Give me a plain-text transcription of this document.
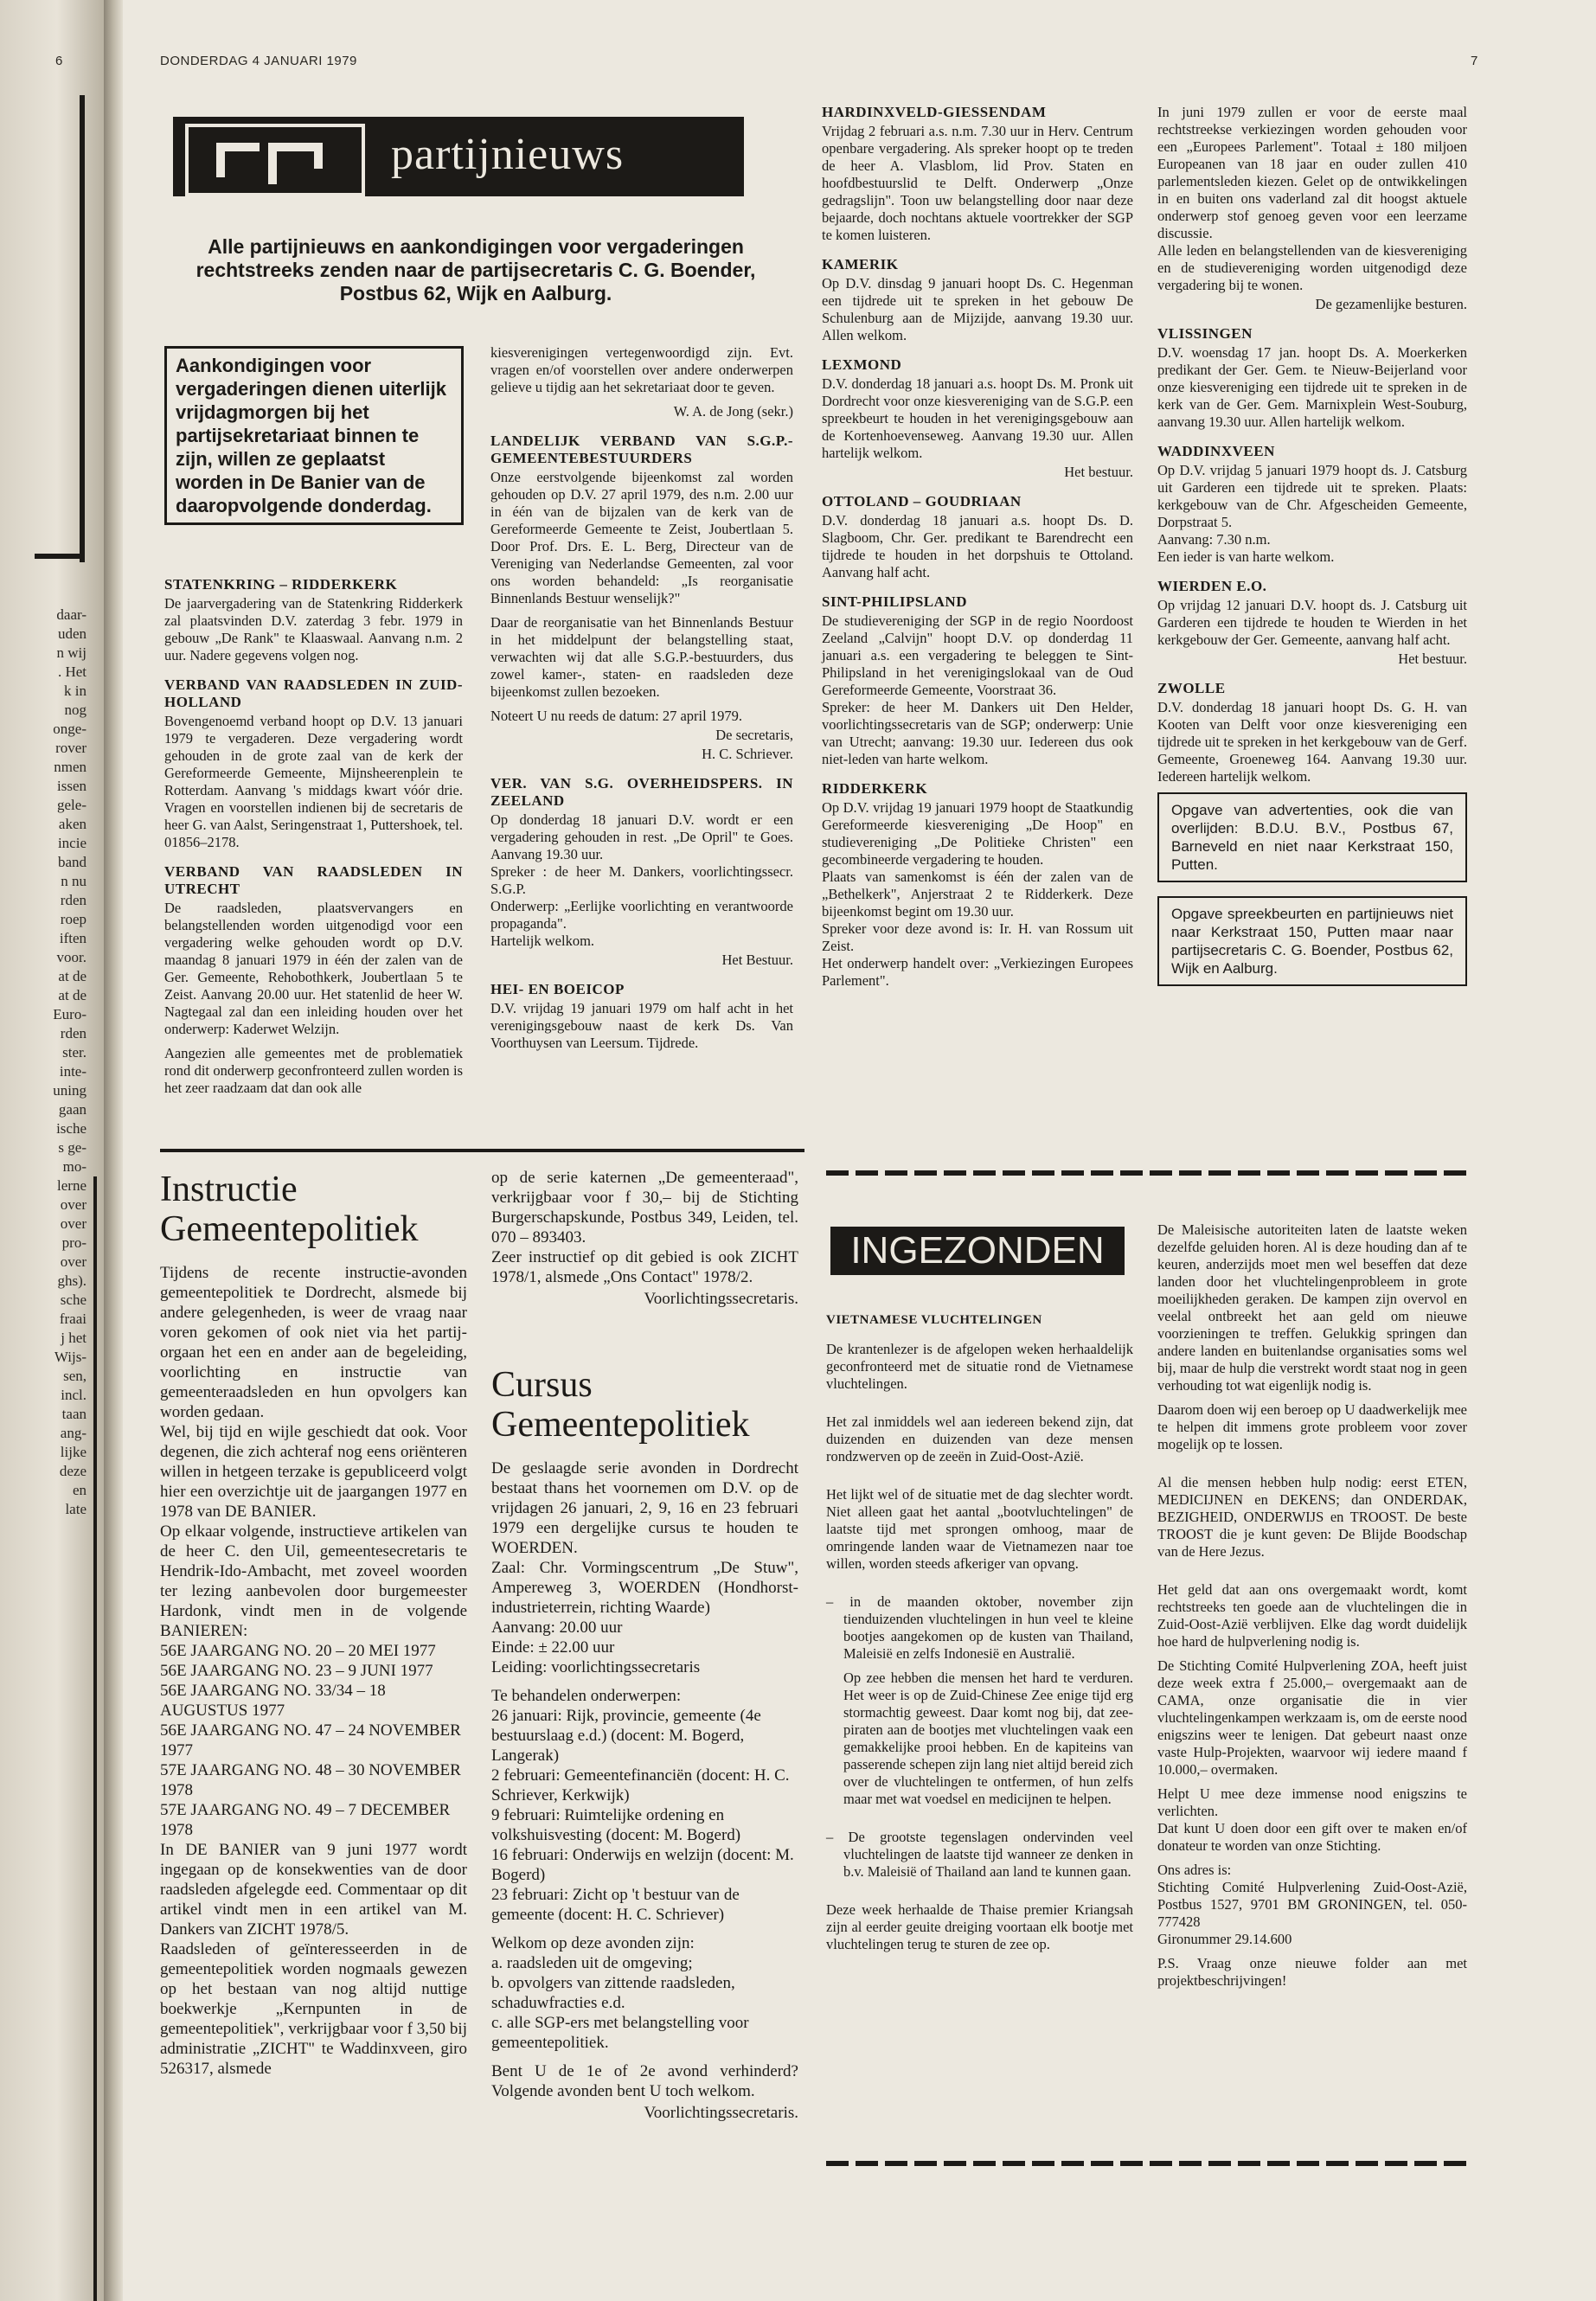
daar-
uden
n wij
. Het
k in
nog
onge-
rover
nmen
issen
gele-
aken
incie
band
n nu
rden
roep
iften
voor.
at de
at de
Euro-
rden
ster.
inte-
uning
gaan
ische
s ge-
mo-
lerne
over
over
pro-
over
ghs).
sche
fraai
j het
Wijs-
sen,
incl.
taan
ang-
lijke
deze
en
late
6	DONDERDAG 4 JANUARI 1979	7
partijnieuws
Alle partijnieuws en aankondigingen voor vergaderingen rechtstreeks zenden naar de partijsecretaris C. G. Boender, Postbus 62, Wijk en Aalburg.
Aankondigingen voor vergaderingen dienen uiterlijk vrijdagmorgen bij het partijsekretariaat binnen te zijn, willen ze geplaatst worden in De Banier van de daaropvolgende donderdag.
STATENKRING – RIDDERKERK

De jaarvergadering van de Statenkring Ridderkerk zal plaatsvinden D.V. zaterdag 3 febr. 1979 in gebouw „De Rank" te Klaaswaal. Aanvang n.m. 2 uur. Nadere gegevens volgen nog.

VERBAND VAN RAADSLEDEN IN ZUID-HOLLAND

Bovengenoemd verband hoopt op D.V. 13 januari 1979 te vergaderen. Deze vergadering wordt gehouden in de grote zaal van de kerk der Gereformeerde Gemeente, Mijnsheerenplein te Rotterdam. Aanvang 's middags kwart vóór drie. Vragen en voorstellen indienen bij de secretaris de heer G. van Aalst, Seringenstraat 1, Puttershoek, tel. 01856–2178.

VERBAND VAN RAADSLEDEN IN UTRECHT

De raadsleden, plaatsvervangers en belangstellenden worden uitgenodigd voor een vergadering welke gehouden wordt op D.V. maandag 8 januari 1979 in één der zalen van de Ger. Gemeente, Rehobothkerk, Joubertlaan 5 te Zeist. Aanvang 20.00 uur. Het statenlid de heer W. Nagtegaal zal dan een inleiding houden over het onderwerp: Kaderwet Welzijn.

Aangezien alle gemeentes met de problematiek rond dit onderwerp geconfronteerd zullen worden is het zeer raadzaam dat dan ook alle

kiesverenigingen vertegenwoordigd zijn. Evt. vragen en/of voorstellen over andere onderwerpen gelieve u tijdig aan het sekretariaat door te geven.

W. A. de Jong (sekr.)
LANDELIJK VERBAND VAN S.G.P.-GEMEENTEBESTUURDERS

Onze eerstvolgende bijeenkomst zal worden gehouden op D.V. 27 april 1979, des n.m. 2.00 uur in één van de bijzalen van de kerk van de Gereformeerde Gemeente te Zeist, Joubertlaan 5. Door Prof. Drs. E. L. Berg, Directeur van de Vereniging van Nederlandse Gemeenten, zal voor ons worden behandeld: „Is reorganisatie Binnenlands Bestuur wenselijk?"

Daar de reorganisatie van het Binnenlands Bestuur in het middelpunt der belangstelling staat, verwachten wij dat alle S.G.P.-bestuurders, dus zowel kamer-, staten- en raadsleden deze bijeenkomst zullen bezoeken.

Noteert U nu reeds de datum: 27 april 1979.

De secretaris,
H. C. Schriever.
VER. VAN S.G. OVERHEIDSPERS. IN ZEELAND

Op donderdag 18 januari D.V. wordt er een vergadering gehouden in rest. „De Opril" te Goes. Aanvang 19.30 uur.

Spreker : de heer M. Dankers, voorlichtingssecr. S.G.P.

Onderwerp: „Eerlijke voorlichting en verantwoorde propaganda".

Hartelijk welkom.

Het Bestuur.
HEI- EN BOEICOP

D.V. vrijdag 19 januari 1979 om half acht in het verenigingsgebouw naast de kerk Ds. Van Voorthuysen van Leersum. Tijdrede.

HARDINXVELD-GIESSENDAM

Vrijdag 2 februari a.s. n.m. 7.30 uur in Herv. Centrum openbare vergadering. Als spreker hoopt op te treden de heer A. Vlasblom, lid Prov. Staten en hoofdbestuurslid te Delft. Onderwerp „Onze gedragslijn". Toon uw belangstelling door naar deze bejaarde, doch nochtans aktuele voortrekker der SGP te komen luisteren.

KAMERIK

Op D.V. dinsdag 9 januari hoopt Ds. C. Hegenman een tijdrede uit te spreken in het gebouw De Schulenburg aan de Mijzijde, aanvang 19.30 uur. Allen welkom.

LEXMOND

D.V. donderdag 18 januari a.s. hoopt Ds. M. Pronk uit Dordrecht voor onze kiesvereniging van de S.G.P. een spreekbeurt te houden in het verenigingsgebouw aan de Kortenhoevenseweg. Aanvang 19.30 uur. Allen hartelijk welkom.

Het bestuur.
OTTOLAND – GOUDRIAAN

D.V. donderdag 18 januari a.s. hoopt Ds. D. Slagboom, Chr. Ger. predikant te Barendrecht een tijdrede te houden in het dorpshuis te Ottoland. Aanvang half acht.

SINT-PHILIPSLAND

De studievereniging der SGP in de regio Noordoost Zeeland „Calvijn" hoopt D.V. op donderdag 11 januari a.s. een vergadering te beleggen te Sint-Philipsland in het verenigingslokaal van de Oud Gereformeerde Gemeente, Voorstraat 36.

Spreker: de heer M. Dankers uit Den Helder, voorlichtingssecretaris van de SGP; onderwerp: Unie van Utrecht; aanvang: 19.30 uur. Iedereen dus ook niet-leden van harte welkom.

RIDDERKERK

Op D.V. vrijdag 19 januari 1979 hoopt de Staatkundig Gereformeerde kiesvereniging „De Hoop" en studievereniging „De Politieke Christen" een gecombineerde vergadering te houden.

Plaats van samenkomst is één der zalen van de „Bethelkerk", Anjerstraat 2 te Ridderkerk. Deze bijeenkomst begint om 19.30 uur.

Spreker voor deze avond is: Ir. H. van Rossum uit Zeist.

Het onderwerp handelt over: „Verkiezingen Europees Parlement".

In juni 1979 zullen er voor de eerste maal rechtstreekse verkiezingen worden gehouden voor een „Europees Parlement". Totaal ± 180 miljoen Europeanen van 18 jaar en ouder zullen 410 parlementsleden kiezen. Gelet op de ontwikkelingen in en buiten ons vaderland zal dit hoogst aktuele onderwerp stof genoeg geven voor een leerzame discussie.

Alle leden en belangstellenden van de kiesvereniging en de studievereniging worden uitgenodigd deze vergadering bij te wonen.

De gezamenlijke besturen.
VLISSINGEN

D.V. woensdag 17 jan. hoopt Ds. A. Moerkerken predikant der Ger. Gem. te Nieuw-Beijerland voor onze kiesvereniging een tijdrede uit te spreken in de kerk van de Ger. Gem. Marnixplein West-Souburg, aanvang 19.30 uur. Allen hartelijk welkom.

WADDINXVEEN

Op D.V. vrijdag 5 januari 1979 hoopt ds. J. Catsburg uit Garderen een tijdrede uit te spreken. Plaats: kerkgebouw van de Chr. Afgescheiden Gemeente, Dorpstraat 5.

Aanvang: 7.30 n.m.

Een ieder is van harte welkom.

WIERDEN E.O.

Op vrijdag 12 januari D.V. hoopt ds. J. Catsburg uit Garderen een tijdrede te houden te Wierden in het kerkgebouw der Ger. Gemeente, aanvang half acht.

Het bestuur.
ZWOLLE

D.V. donderdag 18 januari hoopt Ds. G. H. van Kooten van Delft voor onze kiesvereniging een tijdrede uit te spreken in het kerkgebouw van de Gerf. Gemeente, Groeneweg 164. Aanvang 19.30 uur. Iedereen hartelijk welkom.

Opgave van advertenties, ook die van overlijden: B.D.U. B.V., Postbus 67, Barneveld en niet naar Kerkstraat 150, Putten.
Opgave spreekbeurten en partijnieuws niet naar Kerkstraat 150, Putten maar naar partijsecretaris C. G. Boender, Postbus 62, Wijk en Aalburg.
Instructie Gemeentepolitiek

Tijdens de recente instructie-avonden gemeentepolitiek te Dordrecht, alsmede bij andere gelegenheden, is weer de vraag naar voren gekomen of ook niet via het partij-orgaan het een en ander aan de begeleiding, voorlichting en instructie van gemeenteraadsleden en hun opvolgers kan worden gedaan.

Wel, bij tijd en wijle geschiedt dat ook. Voor degenen, die zich achteraf nog eens oriënteren willen in hetgeen terzake is gepubliceerd volgt hier een overzichtje uit de jaargangen 1977 en 1978 van DE BANIER.

Op elkaar volgende, instructieve artikelen van de heer C. den Uil, gemeentesecretaris te Hendrik-Ido-Ambacht, met zoveel woorden ter lezing aanbevolen door burgemeester Hardonk, vindt men in de volgende BANIEREN:

56E JAARGANG NO. 20 – 20 MEI 1977
56E JAARGANG NO. 23 – 9 JUNI 1977
56E JAARGANG NO. 33/34 – 18 AUGUSTUS 1977
56E JAARGANG NO. 47 – 24 NOVEMBER 1977
57E JAARGANG NO. 48 – 30 NOVEMBER 1978
57E JAARGANG NO. 49 – 7 DECEMBER 1978

In DE BANIER van 9 juni 1977 wordt ingegaan op de konsekwenties van de door raadsleden afgelegde eed. Commentaar op dit artikel vindt men in een artikel van M. Dankers van ZICHT 1978/5.

Raadsleden of geïnteresseerden in de gemeentepolitiek worden nogmaals gewezen op het bestaan van nog altijd nuttige boekwerkje „Kernpunten in de gemeentepolitiek", verkrijgbaar voor f 3,50 bij administratie „ZICHT" te Waddinxveen, giro 526317, alsmede

op de serie katernen „De gemeenteraad", verkrijgbaar voor f 30,– bij de Stichting Burgerschapskunde, Postbus 349, Leiden, tel. 070 – 893403.

Zeer instructief op dit gebied is ook ZICHT 1978/1, alsmede „Ons Contact" 1978/2.

Voorlichtingssecretaris.
Cursus Gemeentepolitiek

De geslaagde serie avonden in Dordrecht bestaat thans het voornemen om D.V. op de vrijdagen 26 januari, 2, 9, 16 en 23 februari 1979 een dergelijke cursus te houden te WOERDEN.

Zaal: Chr. Vormingscentrum „De Stuw", Ampereweg 3, WOERDEN (Hondhorst-industrieterrein, richting Waarde)

Aanvang: 20.00 uur

Einde: ± 22.00 uur

Leiding: voorlichtingssecretaris

Te behandelen onderwerpen:

26 januari: Rijk, provincie, gemeente (4e bestuurslaag e.d.) (docent: M. Bogerd, Langerak)
2 februari: Gemeentefinanciën (docent: H. C. Schriever, Kerkwijk)
9 februari: Ruimtelijke ordening en volkshuisvesting (docent: M. Bogerd)
16 februari: Onderwijs en welzijn (docent: M. Bogerd)
23 februari: Zicht op 't bestuur van de gemeente (docent: H. C. Schriever)

Welkom op deze avonden zijn:

a. raadsleden uit de omgeving;
b. opvolgers van zittende raadsleden, schaduwfracties e.d.
c. alle SGP-ers met belangstelling voor gemeentepolitiek.

Bent U de 1e of 2e avond verhinderd? Volgende avonden bent U toch welkom.

Voorlichtingssecretaris.
INGEZONDEN
VIETNAMESE VLUCHTELINGEN

De krantenlezer is de afgelopen weken herhaaldelijk geconfronteerd met de situatie rond de Vietnamese vluchtelingen.

Het zal inmiddels wel aan iedereen bekend zijn, dat duizenden en duizenden van deze mensen rondzwerven op de zeeën in Zuid-Oost-Azië.

Het lijkt wel of de situatie met de dag slechter wordt. Niet alleen gaat het aantal „bootvluchtelingen" de laatste tijd met sprongen omhoog, maar de omringende landen waar de Vietnamezen naar toe willen, worden steeds afkeriger van opvang.

– in de maanden oktober, november zijn tienduizenden vluchtelingen in hun veel te kleine bootjes aangekomen op de kusten van Thailand, Maleisië en zelfs Indonesië en Australië.

Op zee hebben die mensen het hard te verduren. Het weer is op de Zuid-Chinese Zee enige tijd erg stormachtig geweest. Daar komt nog bij, dat zee-piraten aan de bootjes met vluchtelingen vaak een gemakkelijke prooi hebben. En de kapiteins van passerende schepen zijn lang niet altijd bereid zich over de vluchtelingen te ontfermen, of hun zelfs maar met wat voedsel en medicijnen te helpen.

– De grootste tegenslagen ondervinden veel vluchtelingen de laatste tijd wanneer ze denken in b.v. Maleisië of Thailand aan land te kunnen gaan.

Deze week herhaalde de Thaise premier Kriangsah zijn al eerder geuite dreiging voortaan elk bootje met vluchtelingen terug te sturen de zee op.

De Maleisische autoriteiten laten de laatste weken dezelfde geluiden horen. Al is deze houding dan af te keuren, anderzijds moet men wel beseffen dat deze landen door het vluchtelingenprobleem in grote moeilijkheden geraken. De kampen zijn overvol en veelal ontbreekt het aan geld om nieuwe voorzieningen te treffen. Gelukkig springen dan andere landen en buitenlandse organisaties soms wel bij, maar de hulp die verstrekt wordt staat nog in geen verhouding tot wat eigenlijk nodig is.

Daarom doen wij een beroep op U daadwerkelijk mee te helpen dit immens grote probleem voor zover mogelijk op te lossen.

Al die mensen hebben hulp nodig: eerst ETEN, MEDICIJNEN en DEKENS; dan ONDERDAK, BEZIGHEID, ONDERWIJS en TROOST. De beste TROOST die je kunt geven: De Blijde Boodschap van de Here Jezus.

Het geld dat aan ons overgemaakt wordt, komt rechtstreeks ten goede aan de vluchtelingen die in Zuid-Oost-Azië verblijven. Elke dag wordt duidelijk hoe hard de hulpverlening nodig is.

De Stichting Comité Hulpverlening ZOA, heeft juist deze week extra f 25.000,– overgemaakt aan de CAMA, onze organisatie die in vier vluchtelingenkampen werkzaam is, om de eerste nood enigszins weer te lenigen. Dat gebeurt naast onze vaste Hulp-Projekten, waarvoor wij iedere maand f 10.000,– overmaken.

Helpt U mee deze immense nood enigszins te verlichten.

Dat kunt U doen door een gift over te maken en/of donateur te worden van onze Stichting.

Ons adres is:

Stichting Comité Hulpverlening Zuid-Oost-Azië, Postbus 1527, 9701 BM GRONINGEN, tel. 050-777428

Gironummer 29.14.600

P.S. Vraag onze nieuwe folder aan met projektbeschrijvingen!
